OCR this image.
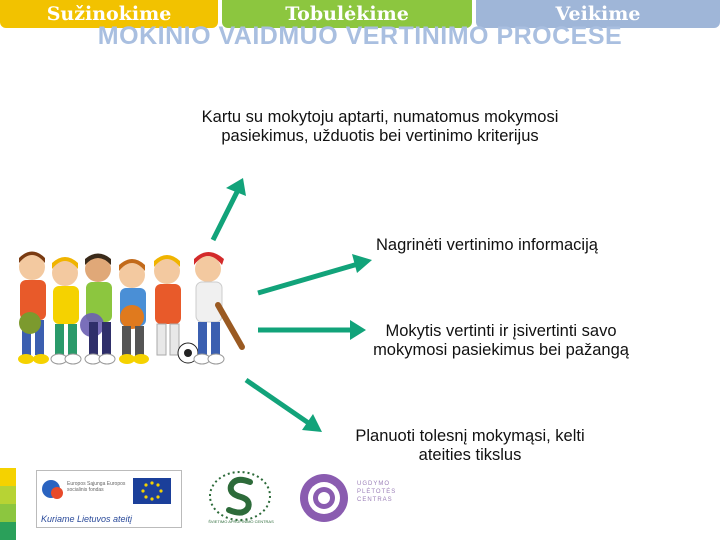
Sužinokime	Tobulėkime	Veikime
MOKINIO VAIDMUO VERTINIMO PROCESE
Kartu su mokytoju aptarti, numatomus mokymosi pasiekimus, užduotis bei vertinimo kriterijus
Nagrinėti vertinimo informaciją
Mokytis vertinti ir įsivertinti savo mokymosi pasiekimus bei pažangą
Planuoti tolesnį mokymąsi, kelti ateities tikslus
Europos Sąjunga Europos socialinis fondas
Kuriame Lietuvos ateitį	ŠVIETIMO APRŪPINIMO CENTRAS
UGDYMO PLĖTOTĖS CENTRAS
